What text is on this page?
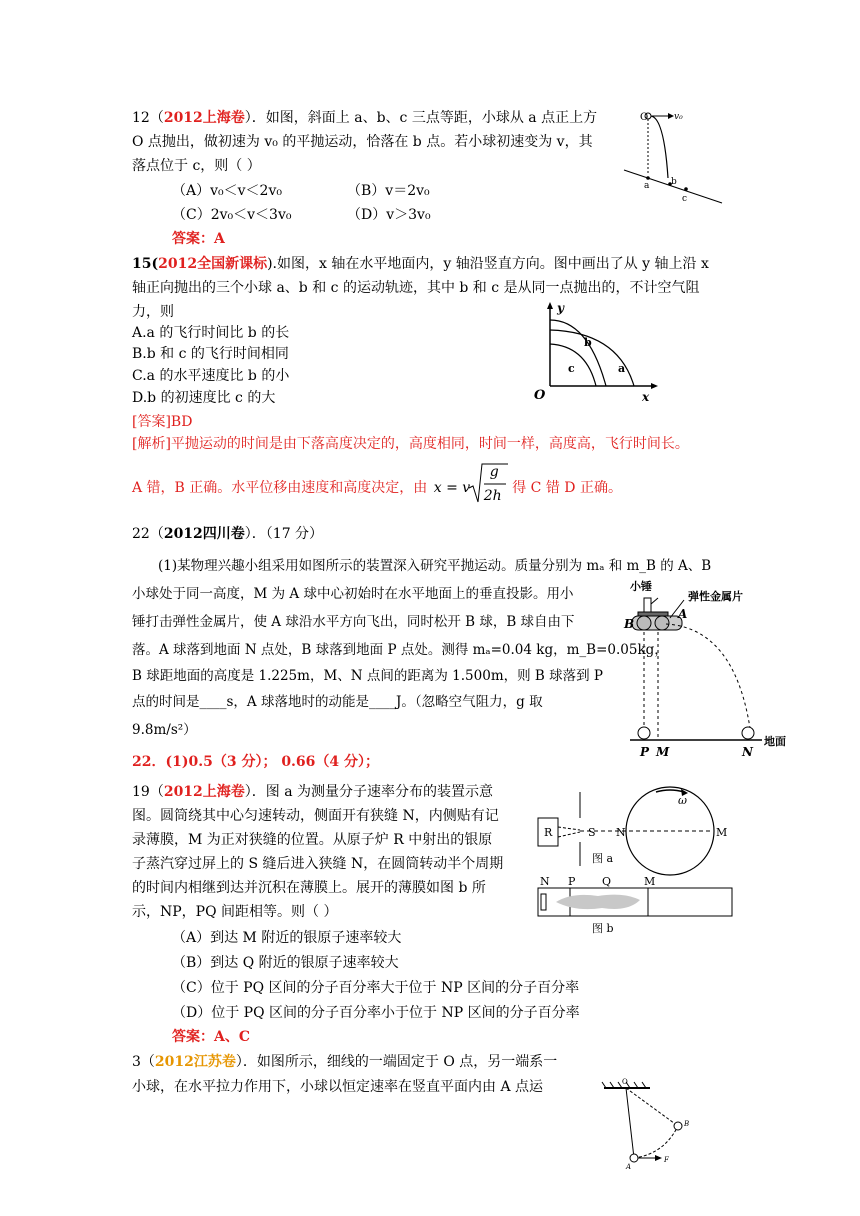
12（2012上海卷）．如图，斜面上 a、b、c 三点等距，小球从 a 点正上方
O 点抛出，做初速为 v₀ 的平抛运动，恰落在 b 点。若小球初速变为 v，其
落点位于 c，则（ ）
（A）v₀＜v＜2v₀	（B）v＝2v₀
（C）2v₀＜v＜3v₀	（D）v＞3v₀
答案：A
O	v₀
a b
c
15(2012全国新课标).如图，x 轴在水平地面内，y 轴沿竖直方向。图中画出了从 y 轴上沿 x
轴正向抛出的三个小球 a、b 和 c 的运动轨迹，其中 b 和 c 是从同一点抛出的，不计空气阻
力，则
A.a 的飞行时间比 b 的长
B.b 和 c 的飞行时间相同
C.a 的水平速度比 b 的小
D.b 的初速度比 c 的大
[答案]BD
[解析]平抛运动的时间是由下落高度决定的，高度相同，时间一样，高度高，飞行时间长。
A 错，B 正确。水平位移由速度和高度决定，由 x = v
g
2h 得 C 错 D 正确。
y
O	x
a
b
c
22（2012四川卷）．（17 分）
(1)某物理兴趣小组采用如图所示的装置深入研究平抛运动。质量分别为 mₐ 和 m_B 的 A、B
小球处于同一高度，M 为 A 球中心初始时在水平地面上的垂直投影。用小
锤打击弹性金属片，使 A 球沿水平方向飞出，同时松开 B 球，B 球自由下
落。A 球落到地面 N 点处，B 球落到地面 P 点处。测得 mₐ=0.04 kg，m_B=0.05kg，
B 球距地面的高度是 1.225m，M、N 点间的距离为 1.500m，则 B 球落到 P
点的时间是____s，A 球落地时的动能是____J。（忽略空气阻力，g 取
9.8m/s²）
22．(1)0.5（3 分）； 0.66（4 分）；
小锤
弹性金属片
B
A
P M	N
地面
19（2012上海卷）．图 a 为测量分子速率分布的装置示意
图。圆筒绕其中心匀速转动，侧面开有狭缝 N，内侧贴有记
录薄膜，M 为正对狭缝的位置。从原子炉 R 中射出的银原
子蒸汽穿过屏上的 S 缝后进入狭缝 N，在圆筒转动半个周期
的时间内相继到达并沉积在薄膜上。展开的薄膜如图 b 所
示，NP，PQ 间距相等。则（ ）
（A）到达 M 附近的银原子速率较大
（B）到达 Q 附近的银原子速率较大
（C）位于 PQ 区间的分子百分率大于位于 NP 区间的分子百分率
（D）位于 PQ 区间的分子百分率小于位于 NP 区间的分子百分率
答案：A、C
ω
R	S N	M
图 a
N P Q	M
图 b
3（2012江苏卷）．如图所示，细线的一端固定于 O 点，另一端系一
小球，在水平拉力作用下，小球以恒定速率在竖直平面内由 A 点运	O
B
A
F
